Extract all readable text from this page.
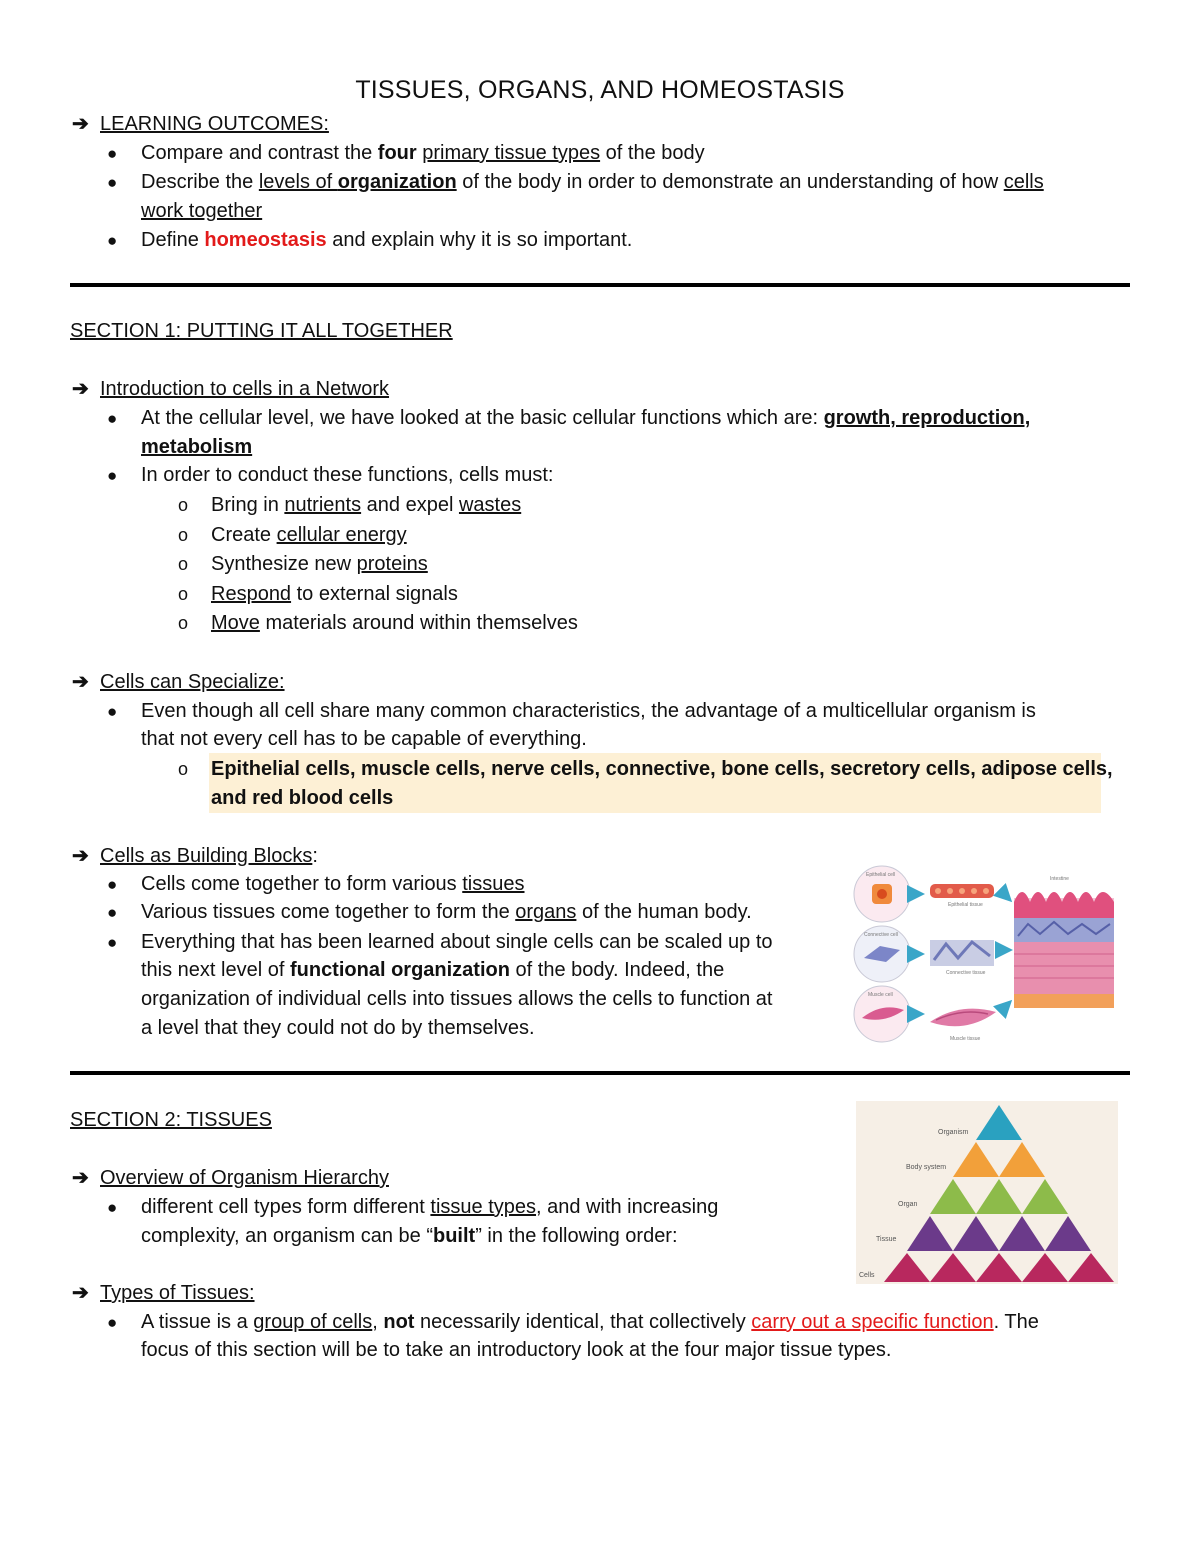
TISSUES, ORGANS, AND HOMEOSTASIS
➔ LEARNING OUTCOMES:
● Compare and contrast the four primary tissue types of the body
● Describe the levels of organization of the body in order to demonstrate an understanding of how cells
work together
● Define homeostasis and explain why it is so important.
SECTION 1: PUTTING IT ALL TOGETHER
➔ Introduction to cells in a Network
● At the cellular level, we have looked at the basic cellular functions which are: growth, reproduction,
metabolism
● In order to conduct these functions, cells must:
o Bring in nutrients and expel wastes
o Create cellular energy
o Synthesize new proteins
o Respond to external signals
o Move materials around within themselves
➔ Cells can Specialize:
● Even though all cell share many common characteristics, the advantage of a multicellular organism is
that not every cell has to be capable of everything.
o Epithelial cells, muscle cells, nerve cells, connective, bone cells, secretory cells, adipose cells,
and red blood cells
➔ Cells as Building Blocks:
● Cells come together to form various tissues
● Various tissues come together to form the organs of the human body.
● Everything that has been learned about single cells can be scaled up to
this next level of functional organization of the body. Indeed, the
organization of individual cells into tissues allows the cells to function at
a level that they could not do by themselves.
Epithelial cell
Connective cell
Muscle cell
Epithelial tissue
Connective tissue
Muscle tissue
Intestine
SECTION 2: TISSUES
➔ Overview of Organism Hierarchy
● different cell types form different tissue types, and with increasing
complexity, an organism can be “built” in the following order:
➔ Types of Tissues:
● A tissue is a group of cells, not necessarily identical, that collectively carry out a specific function. The
focus of this section will be to take an introductory look at the four major tissue types.
Organism
Body system
Organ
Tissue
Cells
